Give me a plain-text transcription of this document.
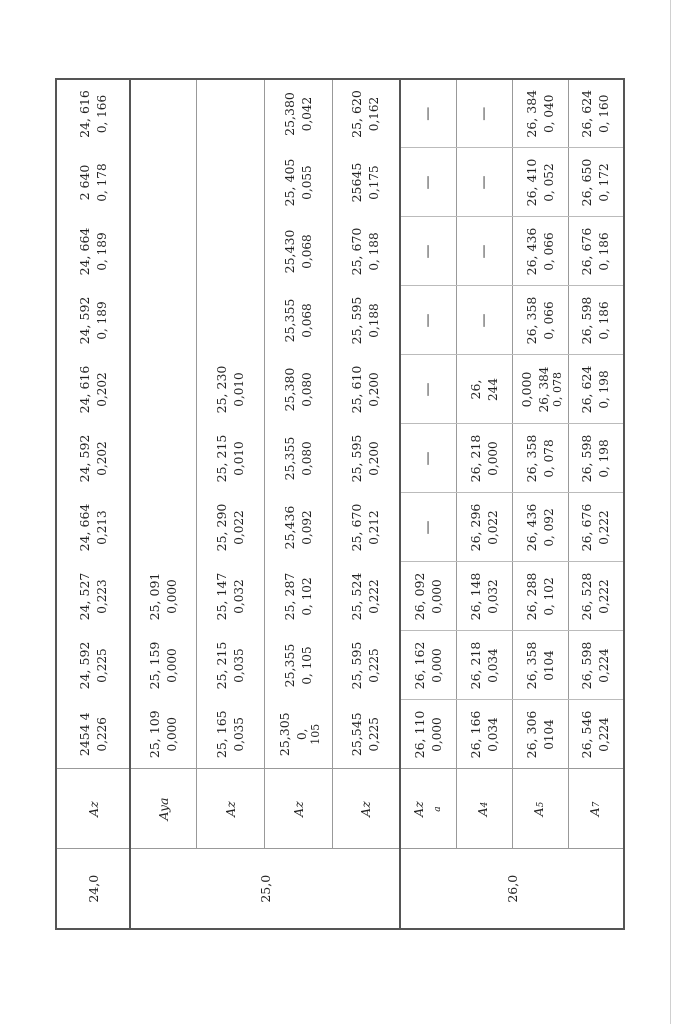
24,0	Az	2454 4 0,226	24, 592 0,225	24, 527 0,223	24, 664 0,213	24, 592 0,202	24, 616 0,202	24, 592 0, 189	24, 664 0, 189	2 640 0, 178	24, 616 0, 166
25,0	Aya	25, 109 0,000	25, 159 0,000	25, 091 0,000	

	Az	25, 165 0,035	25, 215 0,035	25, 147 0,032	25, 290 0,022	25, 215 0,010	25, 230 0,010	

	Az	25,305 0, 105	25,355 0, 105	25, 287 0, 102	25,436 0,092	25,355 0,080	25,380 0,080	25,355 0,068	25,430 0,068	25, 405 0,055	25,380 0,042
	Az	25,545 0,225	25, 595 0,225	25, 524 0,222	25, 670 0,212	25, 595 0,200	25, 610 0,200	25, 595 0,188	25, 670 0, 188	25645 0,175	25, 620 0,162
26,0	Az a	26, 110 0,000	26, 162 0,000	26, 092 0,000	—	—	—	—	—	—	—
	A4	26, 166 0,034	26, 218 0,034	26, 148 0,032	26, 296 0,022	26, 218 0,000	26, 244	—	—	—	—
	A5	26, 306 0104	26, 358 0104	26, 288 0, 102	26, 436 0, 092	26, 358 0, 078	0,000 26, 384 0, 078	26, 358 0, 066	26, 436 0, 066	26, 410 0, 052	26, 384 0, 040
	A7	26, 546 0,224	26, 598 0,224	26, 528 0,222	26, 676 0,222	26, 598 0, 198	26, 624 0, 198	26, 598 0, 186	26, 676 0, 186	26, 650 0, 172	26, 624 0, 160
